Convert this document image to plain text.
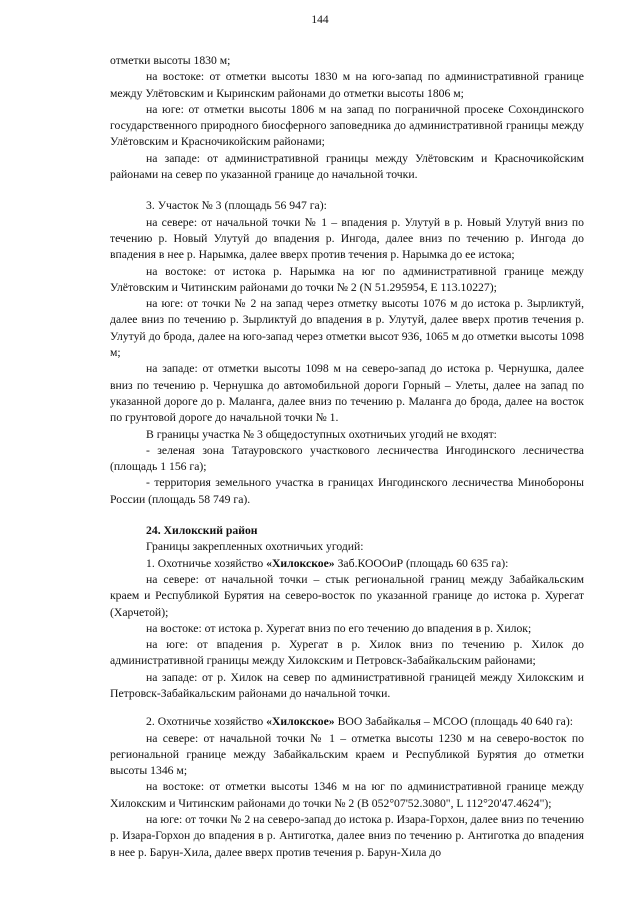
144

отметки высоты 1830 м;

на востоке: от отметки высоты 1830 м на юго-запад по административной границе между Улётовским и Кыринским районами до отметки высоты 1806 м;

на юге: от отметки высоты 1806 м на запад по пограничной просеке Сохондинского государственного природного биосферного заповедника до административной границы между Улётовским и Красночикойским районами;

на западе: от административной границы между Улётовским и Красночикойским районами на север по указанной границе до начальной точки.

3. Участок № 3 (площадь 56 947 га):

на севере: от начальной точки № 1 – впадения р. Улутуй в р. Новый Улутуй вниз по течению р. Новый Улутуй до впадения р. Ингода, далее вниз по течению р. Ингода до впадения в нее р. Нарымка, далее вверх против течения р. Нарымка до ее истока;

на востоке: от истока р. Нарымка на юг по административной границе между Улётовским и Читинским районами до точки № 2 (N 51.295954, E 113.10227);

на юге: от точки № 2 на запад через отметку высоты 1076 м до истока р. Зырликтуй, далее вниз по течению р. Зырликтуй до впадения в р. Улутуй, далее вверх против течения р. Улутуй до брода, далее на юго-запад через отметки высот 936, 1065 м до отметки высоты 1098 м;

на западе: от отметки высоты 1098 м на северо-запад до истока р. Чернушка, далее вниз по течению р. Чернушка до автомобильной дороги Горный – Улеты, далее на запад по указанной дороге до р. Маланга, далее вниз по течению р. Маланга до брода, далее на восток по грунтовой дороге до начальной точки № 1.

В границы участка № 3 общедоступных охотничьих угодий не входят:

- зеленая зона Татауровского участкового лесничества Ингодинского лесничества (площадь 1 156 га);

- территория земельного участка в границах Ингодинского лесничества Минобороны России (площадь 58 749 га).

24. Хилокский район

Границы закрепленных охотничьих угодий:

1. Охотничье хозяйство «Хилокское» Заб.КОООиР (площадь 60 635 га):

на севере: от начальной точки – стык региональной границ между Забайкальским краем и Республикой Бурятия на северо-восток по указанной границе до истока р. Хурегат (Харчетой);

на востоке: от истока р. Хурегат вниз по его течению до впадения в р. Хилок;

на юге: от впадения р. Хурегат в р. Хилок вниз по течению р. Хилок до административной границы между Хилокским и Петровск-Забайкальским районами;

на западе: от р. Хилок на север по административной границей между Хилокским и Петровск-Забайкальским районами до начальной точки.

2. Охотничье хозяйство «Хилокское» ВОО Забайкалья – МСОО (площадь 40 640 га):

на севере: от начальной точки № 1 – отметка высоты 1230 м на северо-восток по региональной границе между Забайкальским краем и Республикой Бурятия до отметки высоты 1346 м;

на востоке: от отметки высоты 1346 м на юг по административной границе между Хилокским и Читинским районами до точки № 2 (B 052°07'52.3080", L 112°20'47.4624");

на юге: от точки № 2 на северо-запад до истока р. Изара-Горхон, далее вниз по течению р. Изара-Горхон до впадения в р. Антиготка, далее вниз по течению р. Антиготка до впадения в нее р. Барун-Хила, далее вверх против течения р. Барун-Хила до
